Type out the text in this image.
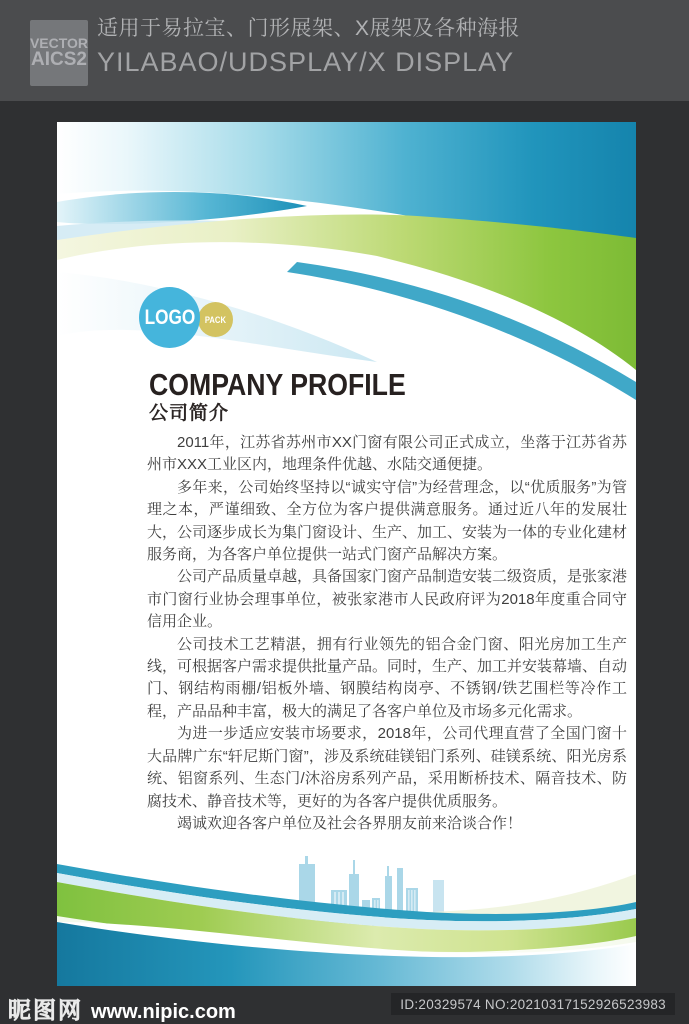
VECTOR
AICS2
适用于易拉宝、门形展架、X展架及各种海报
YILABAO/UDSPLAY/X DISPLAY
PACK
LOGO
COMPANY PROFILE
公司简介

2011年，江苏省苏州市XX门窗有限公司正式成立，坐落于江苏省苏州市XXX工业区内，地理条件优越、水陆交通便捷。

多年来，公司始终坚持以“诚实守信”为经营理念，以“优质服务”为管理之本，严谨细致、全方位为客户提供满意服务。通过近八年的发展壮大，公司逐步成长为集门窗设计、生产、加工、安装为一体的专业化建材服务商，为各客户单位提供一站式门窗产品解决方案。

公司产品质量卓越，具备国家门窗产品制造安装二级资质，是张家港市门窗行业协会理事单位，被张家港市人民政府评为2018年度重合同守信用企业。

公司技术工艺精湛，拥有行业领先的铝合金门窗、阳光房加工生产线，可根据客户需求提供批量产品。同时，生产、加工并安装幕墙、自动门、钢结构雨棚/铝板外墙、钢膜结构岗亭、不锈钢/铁艺围栏等冷作工程，产品品种丰富，极大的满足了各客户单位及市场多元化需求。

为进一步适应安装市场要求，2018年，公司代理直营了全国门窗十大品牌广东“轩尼斯门窗”，涉及系统硅镁铝门系列、硅镁系统、阳光房系统、铝窗系列、生态门/沐浴房系列产品，采用断桥技术、隔音技术、防腐技术、静音技术等，更好的为各客户提供优质服务。

竭诚欢迎各客户单位及社会各界朋友前来洽谈合作！

昵图网 www.nipic.com	ID:20329574 NO:20210317152926523983
